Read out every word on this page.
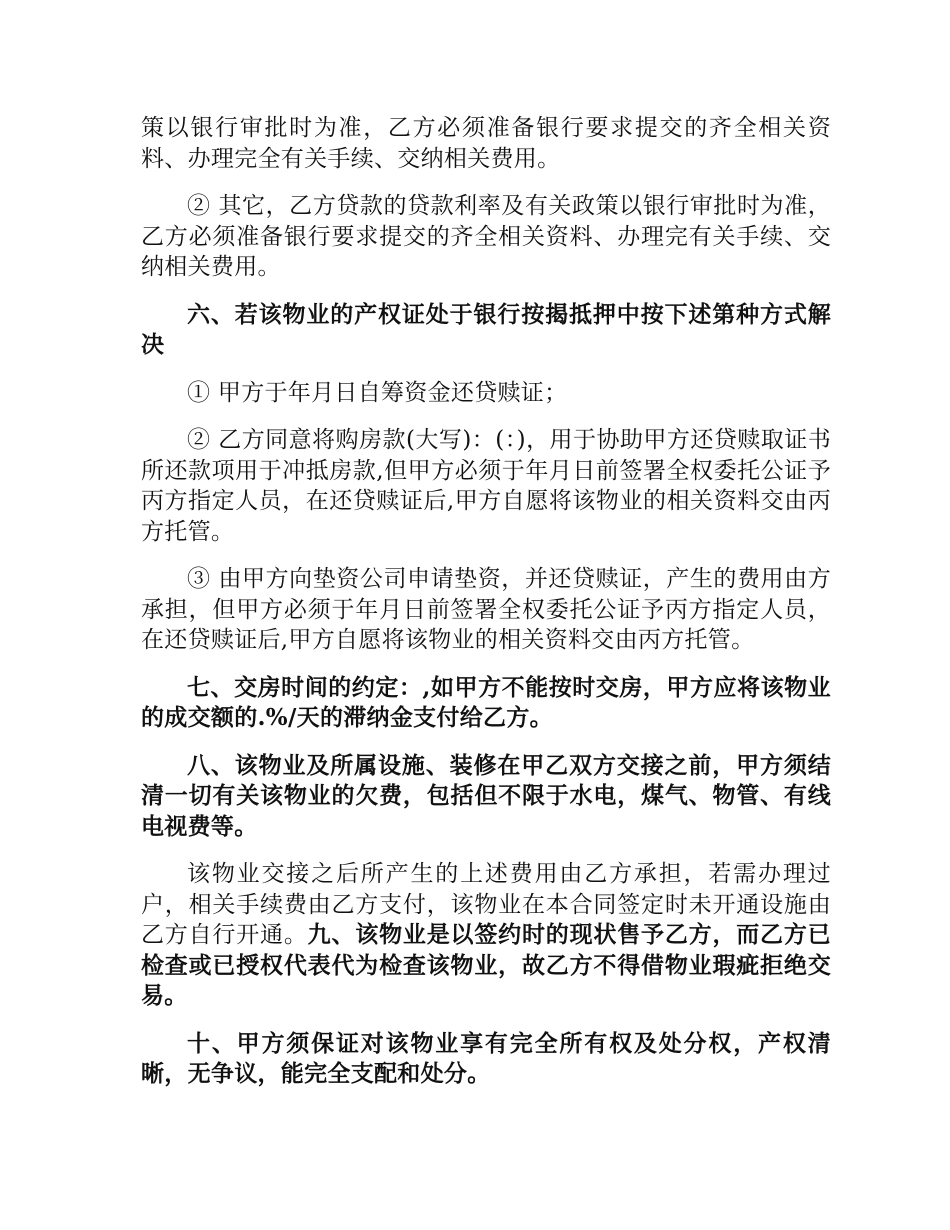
策以银行审批时为准，乙方必须准备银行要求提交的齐全相关资料、办理完全有关手续、交纳相关费用。

② 其它，乙方贷款的贷款利率及有关政策以银行审批时为准，乙方必须准备银行要求提交的齐全相关资料、办理完有关手续、交纳相关费用。

六、若该物业的产权证处于银行按揭抵押中按下述第种方式解决

① 甲方于年月日自筹资金还贷赎证；

② 乙方同意将购房款(大写)：(：)，用于协助甲方还贷赎取证书所还款项用于冲抵房款,但甲方必须于年月日前签署全权委托公证予丙方指定人员，在还贷赎证后,甲方自愿将该物业的相关资料交由丙方托管。

③ 由甲方向垫资公司申请垫资，并还贷赎证，产生的费用由方承担，但甲方必须于年月日前签署全权委托公证予丙方指定人员，在还贷赎证后,甲方自愿将该物业的相关资料交由丙方托管。

七、交房时间的约定：,如甲方不能按时交房，甲方应将该物业的成交额的.%/天的滞纳金支付给乙方。

八、该物业及所属设施、装修在甲乙双方交接之前，甲方须结清一切有关该物业的欠费，包括但不限于水电，煤气、物管、有线电视费等。

该物业交接之后所产生的上述费用由乙方承担，若需办理过户，相关手续费由乙方支付，该物业在本合同签定时未开通设施由乙方自行开通。九、该物业是以签约时的现状售予乙方，而乙方已检查或已授权代表代为检查该物业，故乙方不得借物业瑕疵拒绝交易。

十、甲方须保证对该物业享有完全所有权及处分权，产权清晰，无争议，能完全支配和处分。
